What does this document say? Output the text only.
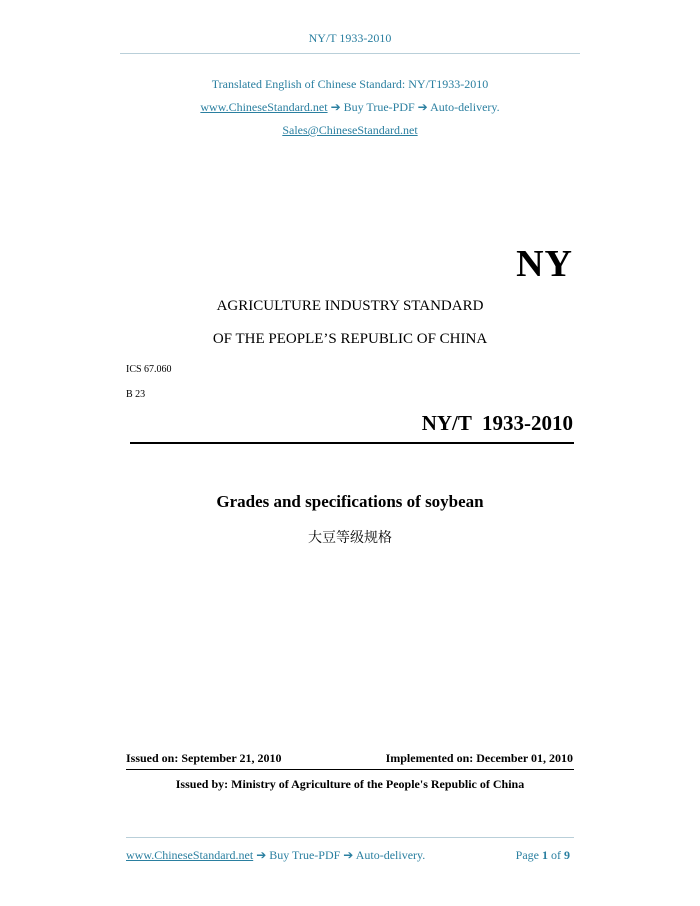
NY/T 1933-2010
Translated English of Chinese Standard: NY/T1933-2010
www.ChineseStandard.net ➔ Buy True-PDF ➔ Auto-delivery.
Sales@ChineseStandard.net
NY
AGRICULTURE INDUSTRY STANDARD
OF THE PEOPLE’S REPUBLIC OF CHINA
ICS 67.060
B 23
NY/T  1933-2010
Grades and specifications of soybean
大豆等级规格
Issued on: September 21, 2010	Implemented on: December 01, 2010
Issued by: Ministry of Agriculture of the People's Republic of China
www.ChineseStandard.net ➔ Buy True-PDF ➔ Auto-delivery.	Page 1 of 9
